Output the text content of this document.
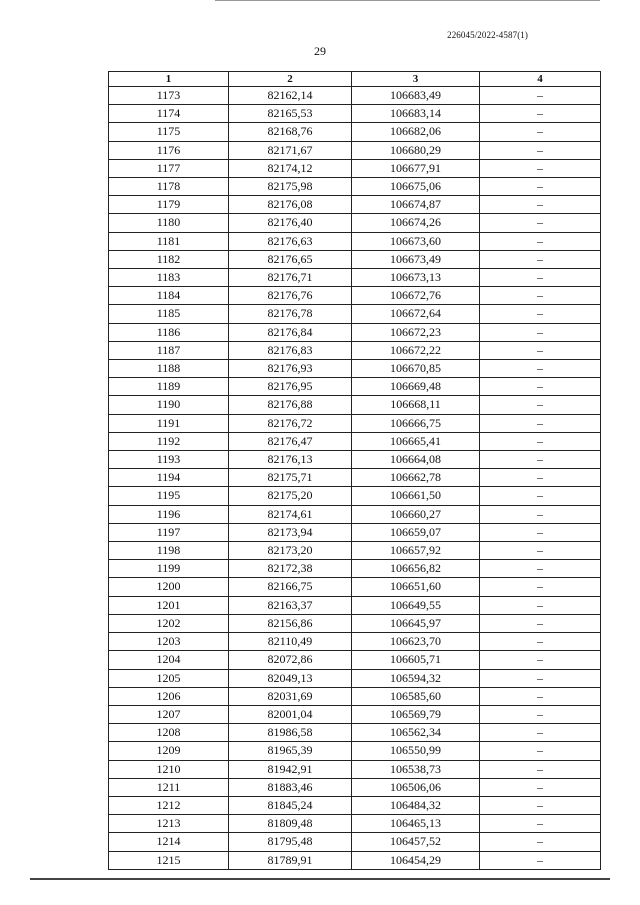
226045/2022-4587(1)
29
1	2	3	4
1173	82162,14	106683,49	–
1174	82165,53	106683,14	–
1175	82168,76	106682,06	–
1176	82171,67	106680,29	–
1177	82174,12	106677,91	–
1178	82175,98	106675,06	–
1179	82176,08	106674,87	–
1180	82176,40	106674,26	–
1181	82176,63	106673,60	–
1182	82176,65	106673,49	–
1183	82176,71	106673,13	–
1184	82176,76	106672,76	–
1185	82176,78	106672,64	–
1186	82176,84	106672,23	–
1187	82176,83	106672,22	–
1188	82176,93	106670,85	–
1189	82176,95	106669,48	–
1190	82176,88	106668,11	–
1191	82176,72	106666,75	–
1192	82176,47	106665,41	–
1193	82176,13	106664,08	–
1194	82175,71	106662,78	–
1195	82175,20	106661,50	–
1196	82174,61	106660,27	–
1197	82173,94	106659,07	–
1198	82173,20	106657,92	–
1199	82172,38	106656,82	–
1200	82166,75	106651,60	–
1201	82163,37	106649,55	–
1202	82156,86	106645,97	–
1203	82110,49	106623,70	–
1204	82072,86	106605,71	–
1205	82049,13	106594,32	–
1206	82031,69	106585,60	–
1207	82001,04	106569,79	–
1208	81986,58	106562,34	–
1209	81965,39	106550,99	–
1210	81942,91	106538,73	–
1211	81883,46	106506,06	–
1212	81845,24	106484,32	–
1213	81809,48	106465,13	–
1214	81795,48	106457,52	–
1215	81789,91	106454,29	–
